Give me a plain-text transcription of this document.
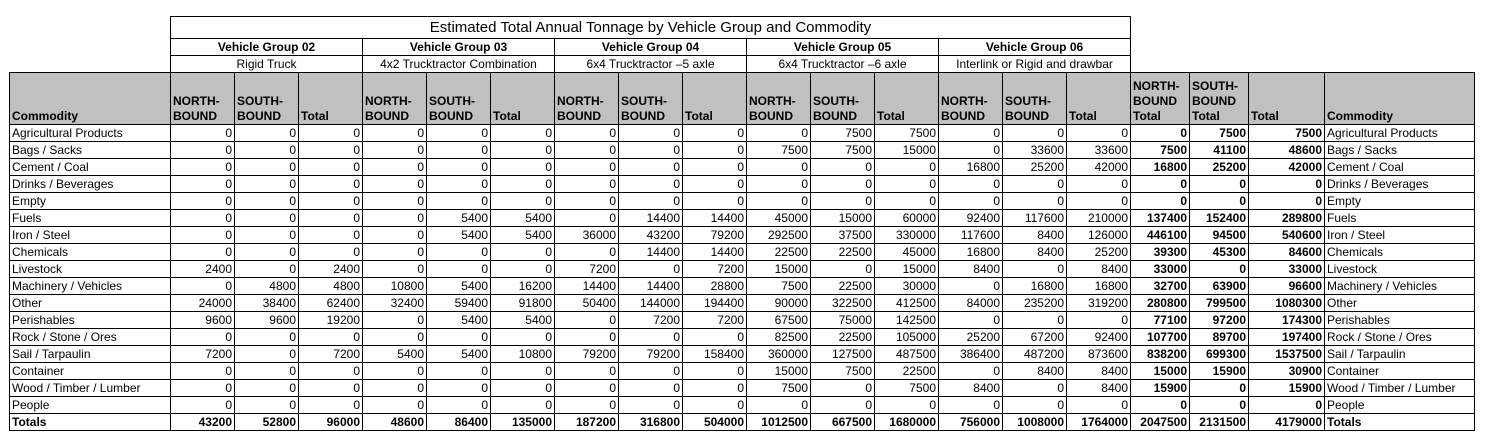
	Estimated Total Annual Tonnage by Vehicle Group and Commodity																		
	Vehicle Group 02			Vehicle Group 03			Vehicle Group 04			Vehicle Group 05			Vehicle Group 06						
	Rigid Truck			4x2 Trucktractor Combination			6x4 Trucktractor –5 axle			6x4 Trucktractor –6 axle			Interlink or Rigid and drawbar						
Commodity	NORTH-BOUND	SOUTH-BOUND	Total	NORTH-BOUND	SOUTH-BOUND	Total	NORTH-BOUND	SOUTH-BOUND	Total	NORTH-BOUND	SOUTH-BOUND	Total	NORTH-BOUND	SOUTH-BOUND	Total	NORTH-BOUND Total	SOUTH-BOUND Total	Total	Commodity
Agricultural Products	0	0	0	0	0	0	0	0	0	0	7500	7500	0	0	0	0	7500	7500	Agricultural Products
Bags / Sacks	0	0	0	0	0	0	0	0	0	7500	7500	15000	0	33600	33600	7500	41100	48600	Bags / Sacks
Cement / Coal	0	0	0	0	0	0	0	0	0	0	0	0	16800	25200	42000	16800	25200	42000	Cement / Coal
Drinks / Beverages	0	0	0	0	0	0	0	0	0	0	0	0	0	0	0	0	0	0	Drinks / Beverages
Empty	0	0	0	0	0	0	0	0	0	0	0	0	0	0	0	0	0	0	Empty
Fuels	0	0	0	0	5400	5400	0	14400	14400	45000	15000	60000	92400	117600	210000	137400	152400	289800	Fuels
Iron / Steel	0	0	0	0	5400	5400	36000	43200	79200	292500	37500	330000	117600	8400	126000	446100	94500	540600	Iron / Steel
Chemicals	0	0	0	0	0	0	0	14400	14400	22500	22500	45000	16800	8400	25200	39300	45300	84600	Chemicals
Livestock	2400	0	2400	0	0	0	7200	0	7200	15000	0	15000	8400	0	8400	33000	0	33000	Livestock
Machinery / Vehicles	0	4800	4800	10800	5400	16200	14400	14400	28800	7500	22500	30000	0	16800	16800	32700	63900	96600	Machinery / Vehicles
Other	24000	38400	62400	32400	59400	91800	50400	144000	194400	90000	322500	412500	84000	235200	319200	280800	799500	1080300	Other
Perishables	9600	9600	19200	0	5400	5400	0	7200	7200	67500	75000	142500	0	0	0	77100	97200	174300	Perishables
Rock / Stone / Ores	0	0	0	0	0	0	0	0	0	82500	22500	105000	25200	67200	92400	107700	89700	197400	Rock / Stone / Ores
Sail / Tarpaulin	7200	0	7200	5400	5400	10800	79200	79200	158400	360000	127500	487500	386400	487200	873600	838200	699300	1537500	Sail / Tarpaulin
Container	0	0	0	0	0	0	0	0	0	15000	7500	22500	0	8400	8400	15000	15900	30900	Container
Wood / Timber / Lumber	0	0	0	0	0	0	0	0	0	7500	0	7500	8400	0	8400	15900	0	15900	Wood / Timber / Lumber
People	0	0	0	0	0	0	0	0	0	0	0	0	0	0	0	0	0	0	People
Totals	43200	52800	96000	48600	86400	135000	187200	316800	504000	1012500	667500	1680000	756000	1008000	1764000	2047500	2131500	4179000	Totals
